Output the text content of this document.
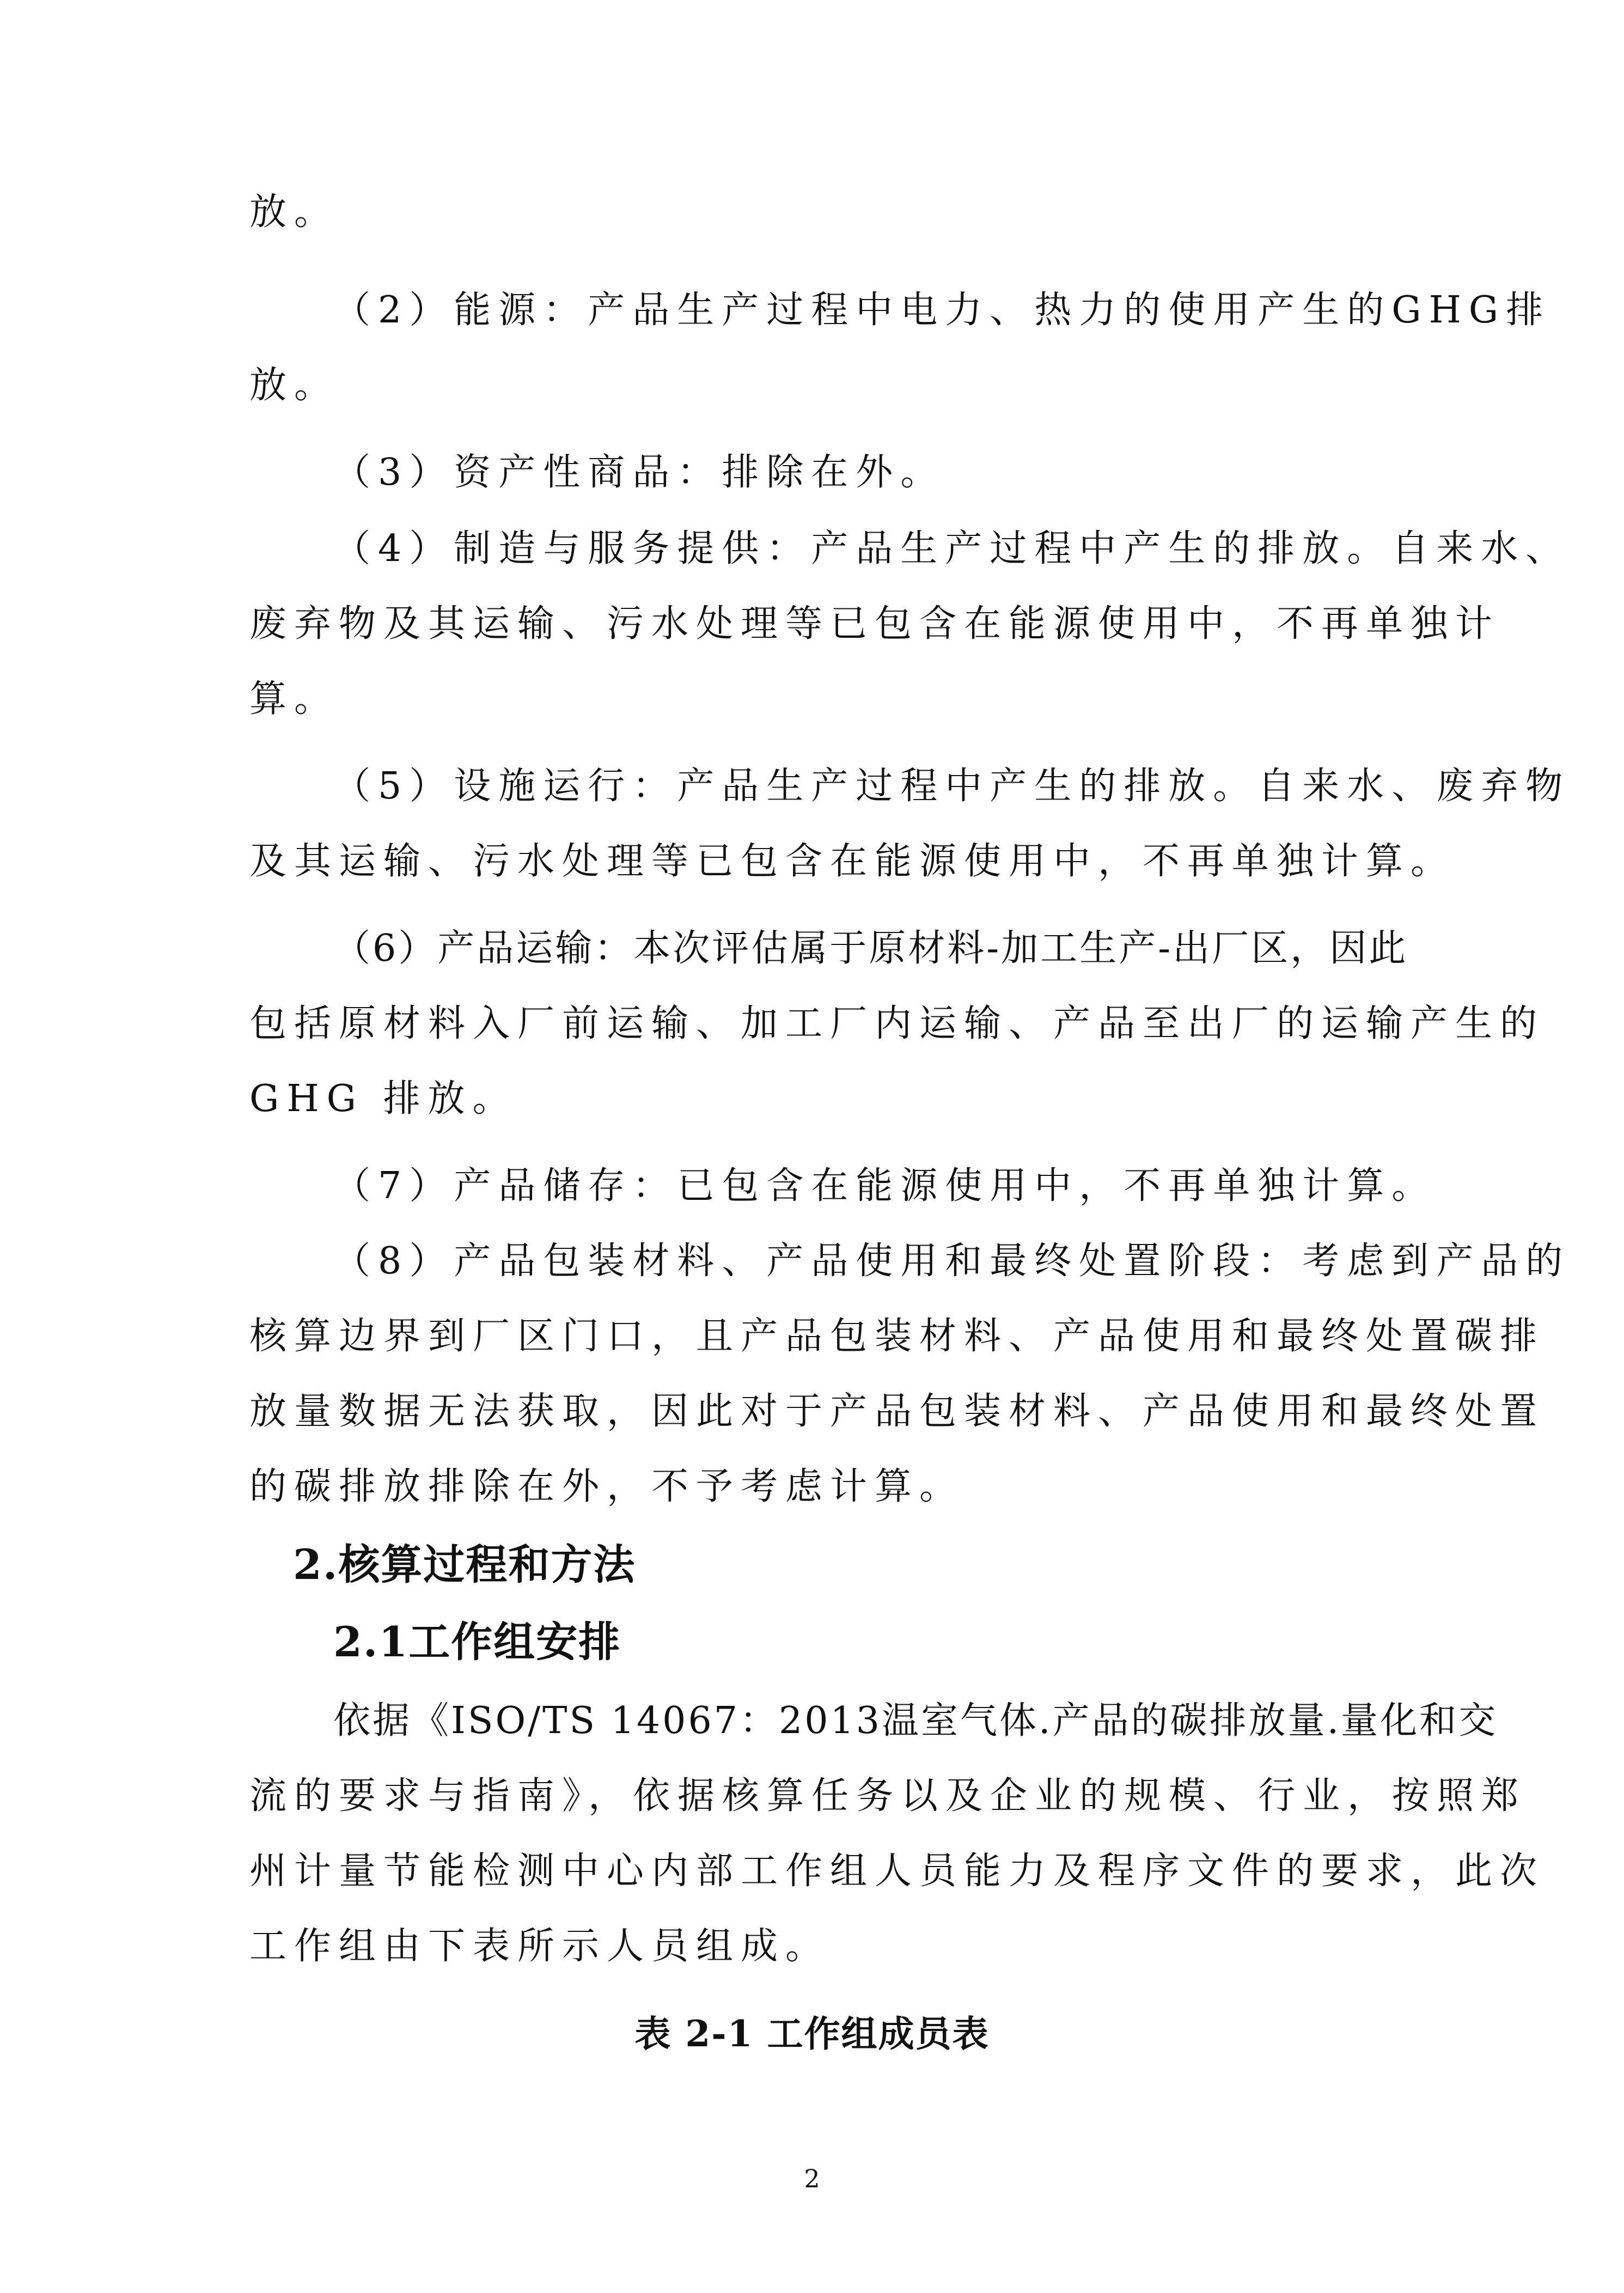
放。
（2）能源：产品生产过程中电力、热力的使用产生的GHG排
放。
（3）资产性商品：排除在外。
（4）制造与服务提供：产品生产过程中产生的排放。自来水、
废弃物及其运输、污水处理等已包含在能源使用中，不再单独计
算。
（5）设施运行：产品生产过程中产生的排放。自来水、废弃物
及其运输、污水处理等已包含在能源使用中，不再单独计算。
（6）产品运输：本次评估属于原材料-加工生产-出厂区，因此
包括原材料入厂前运输、加工厂内运输、产品至出厂的运输产生的
GHG 排放。
（7）产品储存：已包含在能源使用中，不再单独计算。
（8）产品包装材料、产品使用和最终处置阶段：考虑到产品的
核算边界到厂区门口，且产品包装材料、产品使用和最终处置碳排
放量数据无法获取，因此对于产品包装材料、产品使用和最终处置
的碳排放排除在外，不予考虑计算。
2.核算过程和方法
2.1工作组安排
依据《ISO/TS 14067：2013温室气体.产品的碳排放量.量化和交
流的要求与指南》，依据核算任务以及企业的规模、行业，按照郑
州计量节能检测中心内部工作组人员能力及程序文件的要求，此次
工作组由下表所示人员组成。
表 2-1 工作组成员表
2
